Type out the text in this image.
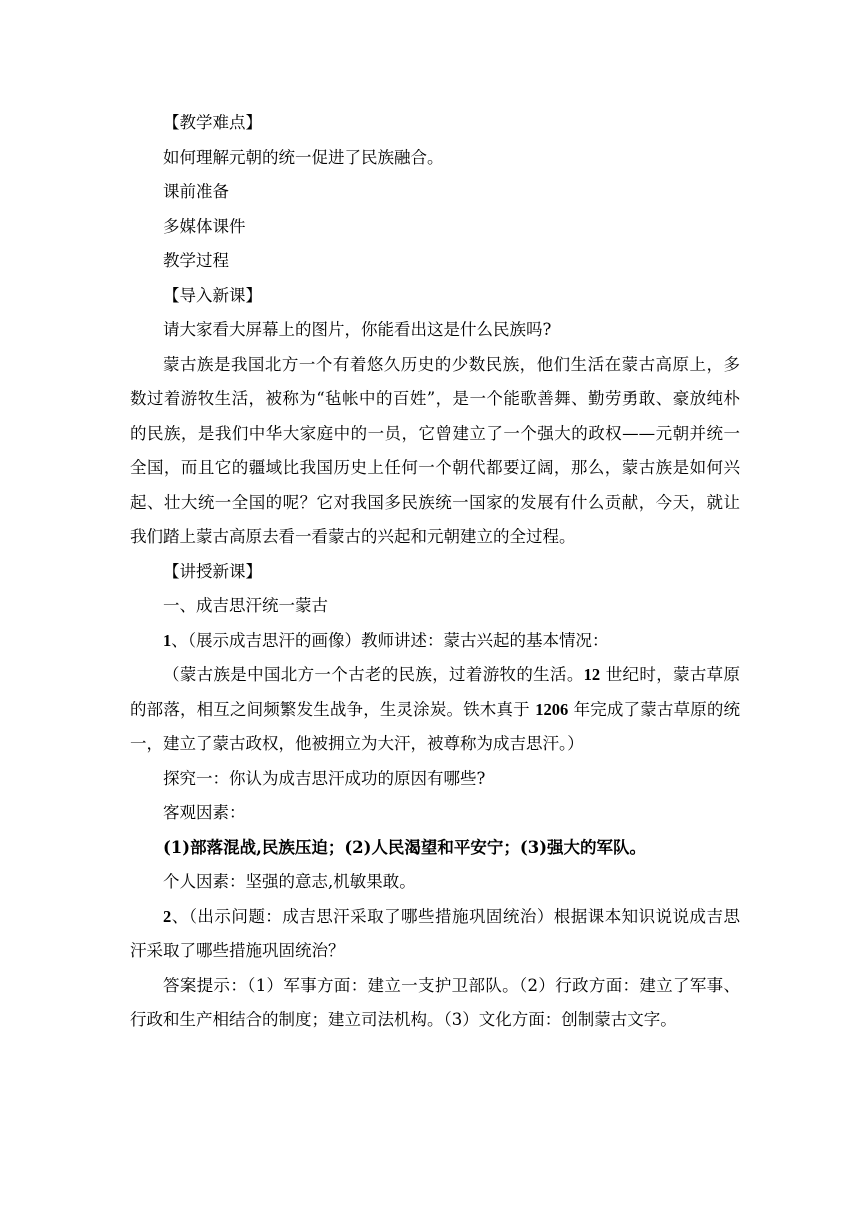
【教学难点】

如何理解元朝的统一促进了民族融合。

课前准备

多媒体课件

教学过程

【导入新课】

请大家看大屏幕上的图片，你能看出这是什么民族吗?

蒙古族是我国北方一个有着悠久历史的少数民族，他们生活在蒙古高原上，多数过着游牧生活，被称为“毡帐中的百姓”，是一个能歌善舞、勤劳勇敢、豪放纯朴的民族，是我们中华大家庭中的一员，它曾建立了一个强大的政权——元朝并统一全国，而且它的疆域比我国历史上任何一个朝代都要辽阔，那么，蒙古族是如何兴起、壮大统一全国的呢？它对我国多民族统一国家的发展有什么贡献，今天，就让我们踏上蒙古高原去看一看蒙古的兴起和元朝建立的全过程。

【讲授新课】

一、成吉思汗统一蒙古

1、（展示成吉思汗的画像）教师讲述：蒙古兴起的基本情况：

（蒙古族是中国北方一个古老的民族，过着游牧的生活。12 世纪时，蒙古草原的部落，相互之间频繁发生战争，生灵涂炭。铁木真于 1206 年完成了蒙古草原的统一，建立了蒙古政权，他被拥立为大汗，被尊称为成吉思汗。）

探究一：你认为成吉思汗成功的原因有哪些?

客观因素：

(1)部落混战,民族压迫；(2)人民渴望和平安宁；(3)强大的军队。

个人因素：坚强的意志,机敏果敢。

2、（出示问题：成吉思汗采取了哪些措施巩固统治）根据课本知识说说成吉思汗采取了哪些措施巩固统治？

答案提示：（1）军事方面：建立一支护卫部队。（2）行政方面：建立了军事、行政和生产相结合的制度；建立司法机构。（3）文化方面：创制蒙古文字。
